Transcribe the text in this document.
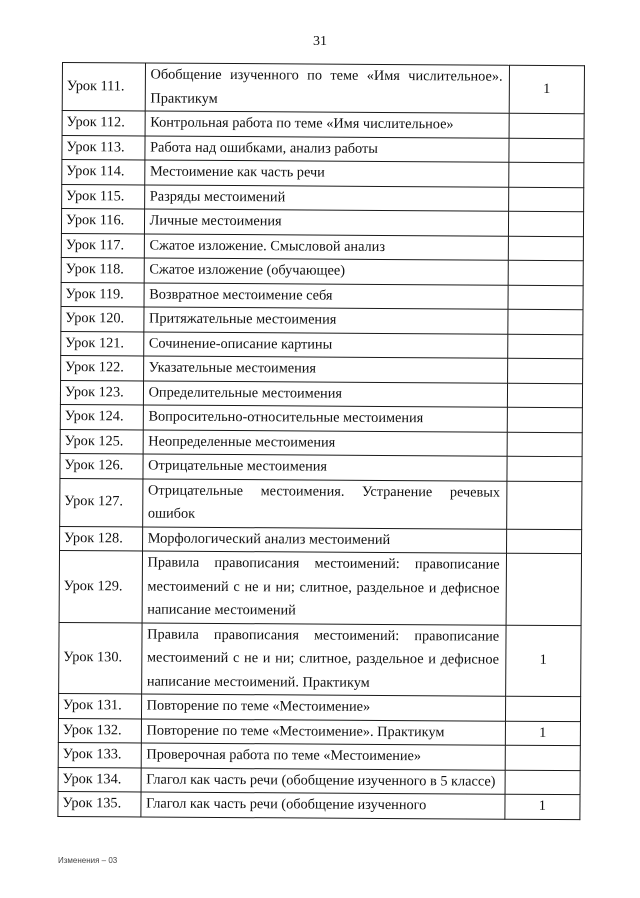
31
Урок 111.	Обобщение изученного по теме «Имя числительное». Практикум	1
Урок 112.	Контрольная работа по теме «Имя числительное»	
Урок 113.	Работа над ошибками, анализ работы	
Урок 114.	Местоимение как часть речи	
Урок 115.	Разряды местоимений	
Урок 116.	Личные местоимения	
Урок 117.	Сжатое изложение. Смысловой анализ	
Урок 118.	Сжатое изложение (обучающее)	
Урок 119.	Возвратное местоимение себя	
Урок 120.	Притяжательные местоимения	
Урок 121.	Сочинение-описание картины	
Урок 122.	Указательные местоимения	
Урок 123.	Определительные местоимения	
Урок 124.	Вопросительно-относительные местоимения	
Урок 125.	Неопределенные местоимения	
Урок 126.	Отрицательные местоимения	
Урок 127.	Отрицательные местоимения. Устранение речевых ошибок	
Урок 128.	Морфологический анализ местоимений	
Урок 129.	Правила правописания местоимений: правописание местоимений с не и ни; слитное, раздельное и дефисное написание местоимений	
Урок 130.	Правила правописания местоимений: правописание местоимений с не и ни; слитное, раздельное и дефисное написание местоимений. Практикум	1
Урок 131.	Повторение по теме «Местоимение»	
Урок 132.	Повторение по теме «Местоимение». Практикум	1
Урок 133.	Проверочная работа по теме «Местоимение»	
Урок 134.	Глагол как часть речи (обобщение изученного в 5 классе)	
Урок 135.	Глагол как часть речи (обобщение изученного	1
Изменения – 03
